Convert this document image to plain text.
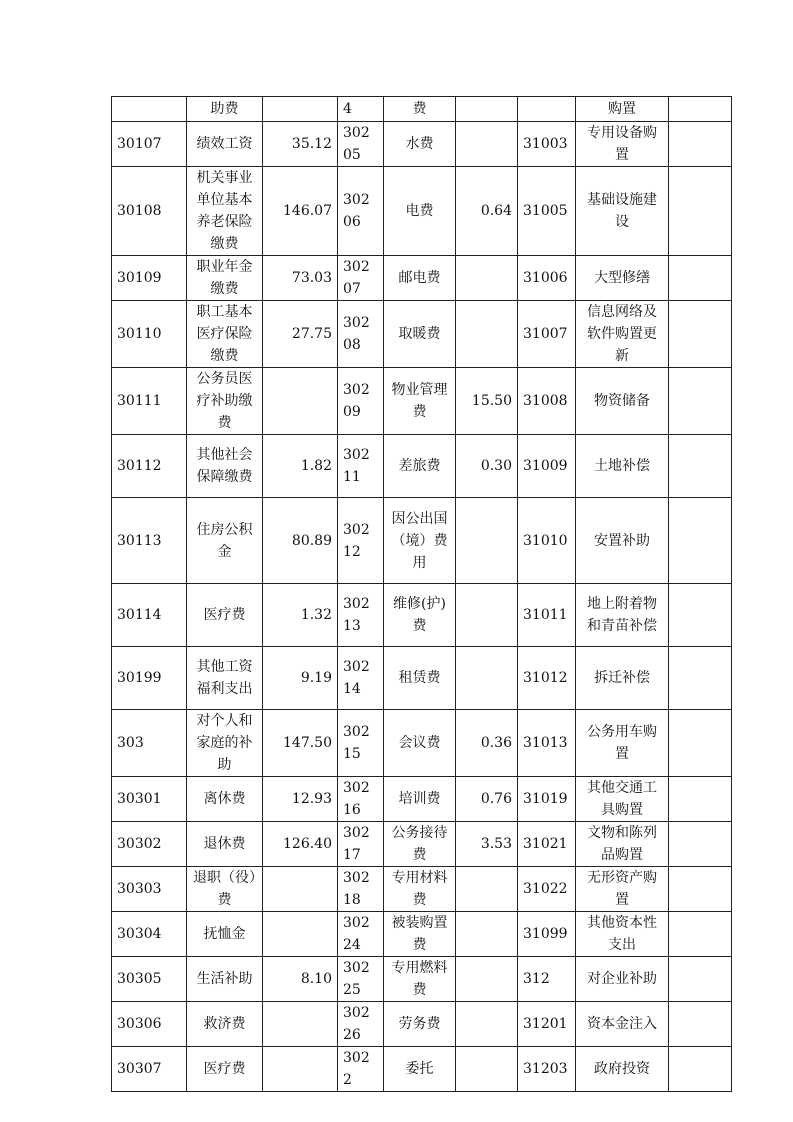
	助费		4	费			购置	
30107	绩效工资	35.12	30205	水费		31003	专用设备购置	
30108	机关事业单位基本养老保险缴费	146.07	30206	电费	0.64	31005	基础设施建设	
30109	职业年金缴费	73.03	30207	邮电费		31006	大型修缮	
30110	职工基本医疗保险缴费	27.75	30208	取暖费		31007	信息网络及软件购置更新	
30111	公务员医疗补助缴费		30209	物业管理费	15.50	31008	物资储备	
30112	其他社会保障缴费	1.82	30211	差旅费	0.30	31009	土地补偿	
30113	住房公积金	80.89	30212	因公出国（境）费用		31010	安置补助	
30114	医疗费	1.32	30213	维修(护)费		31011	地上附着物和青苗补偿	
30199	其他工资福利支出	9.19	30214	租赁费		31012	拆迁补偿	
303	对个人和家庭的补助	147.50	30215	会议费	0.36	31013	公务用车购置	
30301	离休费	12.93	30216	培训费	0.76	31019	其他交通工具购置	
30302	退休费	126.40	30217	公务接待费	3.53	31021	文物和陈列品购置	
30303	退职（役）费		30218	专用材料费		31022	无形资产购置	
30304	抚恤金		30224	被装购置费		31099	其他资本性支出	
30305	生活补助	8.10	30225	专用燃料费		312	对企业补助	
30306	救济费		30226	劳务费		31201	资本金注入	
30307	医疗费		3022	委托		31203	政府投资	
